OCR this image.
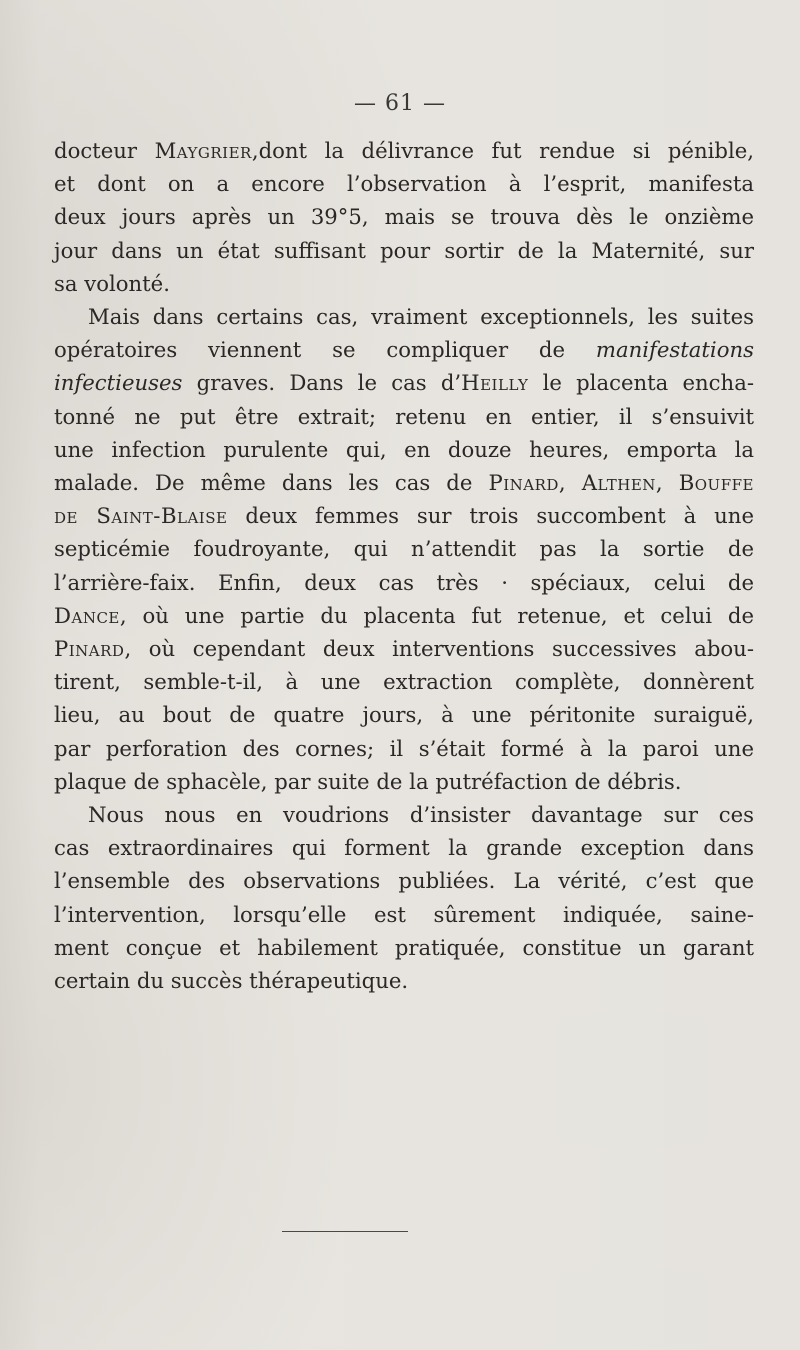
— 61 —
docteur Maygrier,dont la délivrance fut rendue si pénible,
et dont on a encore l’observation à l’esprit, manifesta
deux jours après un 39°5, mais se trouva dès le onzième
jour dans un état suffisant pour sortir de la Maternité, sur
sa volonté.
Mais dans certains cas, vraiment exceptionnels, les suites
opératoires viennent se compliquer de manifestations
infectieuses graves. Dans le cas d’Heilly le placenta encha-
tonné ne put être extrait; retenu en entier, il s’ensuivit
une infection purulente qui, en douze heures, emporta la
malade. De même dans les cas de Pinard, Althen, Bouffe
de Saint-Blaise deux femmes sur trois succombent à une
septicémie foudroyante, qui n’attendit pas la sortie de
l’arrière-faix. Enfin, deux cas très · spéciaux, celui de
Dance, où une partie du placenta fut retenue, et celui de
Pinard, où cependant deux interventions successives abou-
tirent, semble-t-il, à une extraction complète, donnèrent
lieu, au bout de quatre jours, à une péritonite suraiguë,
par perforation des cornes; il s’était formé à la paroi une
plaque de sphacèle, par suite de la putréfaction de débris.
Nous nous en voudrions d’insister davantage sur ces
cas extraordinaires qui forment la grande exception dans
l’ensemble des observations publiées. La vérité, c’est que
l’intervention, lorsqu’elle est sûrement indiquée, saine-
ment conçue et habilement pratiquée, constitue un garant
certain du succès thérapeutique.
